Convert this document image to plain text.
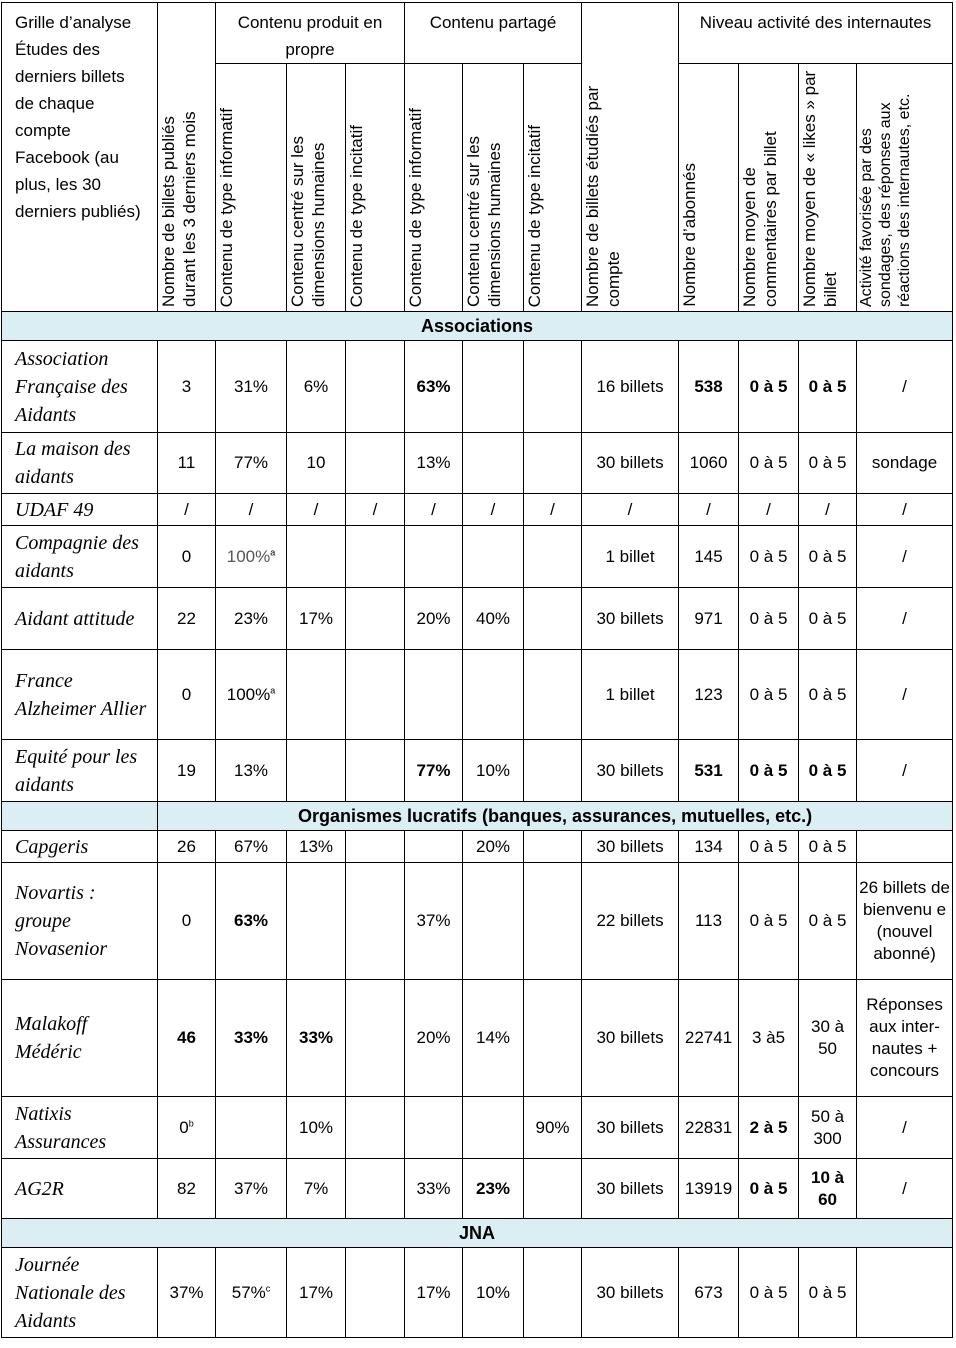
Grille d’analyse Études des derniers billets de chaque compte Facebook (au plus, les 30 derniers publiés)	Nombre de billets publiés durant les 3 derniers mois	Contenu produit en propre			Contenu partagé			Nombre de billets étudiés par compte	Niveau activité des internautes			

		Contenu de type informatif	Contenu centré sur les dimensions humaines	Contenu de type incitatif	Contenu de type informatif	Contenu centré sur les dimensions humaines	Contenu de type incitatif		Nombre d’abonnés	Nombre moyen de commentaires par billet	Nombre moyen de « likes » par billet	Activité favorisée par des sondages, des réponses aux réactions des internautes, etc.

Associations												
Association Française des Aidants	3	31%	6%		63%			16 billets	538	0 à 5	0 à 5	/
La maison des aidants	11	77%	10		13%			30 billets	1060	0 à 5	0 à 5	sondage
UDAF 49	/	/	/	/	/	/	/	/	/	/	/	/
Compagnie des aidants	0	100%$^a$						1 billet	145	0 à 5	0 à 5	/
Aidant attitude	22	23%	17%		20%	40%		30 billets	971	0 à 5	0 à 5	/
France Alzheimer Allier	0	100%$^a$						1 billet	123	0 à 5	0 à 5	/
Equité pour les aidants	19	13%			77%	10%		30 billets	531	0 à 5	0 à 5	/
	Organismes lucratifs (banques, assurances, mutuelles, etc.)											
Capgeris	26	67%	13%			20%		30 billets	134	0 à 5	0 à 5	
Novartis : groupe Novasenior	0	63%			37%			22 billets	113	0 à 5	0 à 5	26 billets de bienvenu e (nouvel abonné)
Malakoff Médéric	46	33%	33%		20%	14%		30 billets	22741	3 à5	30 à 50	Réponses aux inter-nautes + concours
Natixis Assurances	0$^b$		10%				90%	30 billets	22831	2 à 5	50 à 300	/
AG2R	82	37%	7%		33%	23%		30 billets	13919	0 à 5	10 à 60	/
JNA												
Journée Nationale des Aidants	37%	57%$^c$	17%		17%	10%		30 billets	673	0 à 5	0 à 5	
